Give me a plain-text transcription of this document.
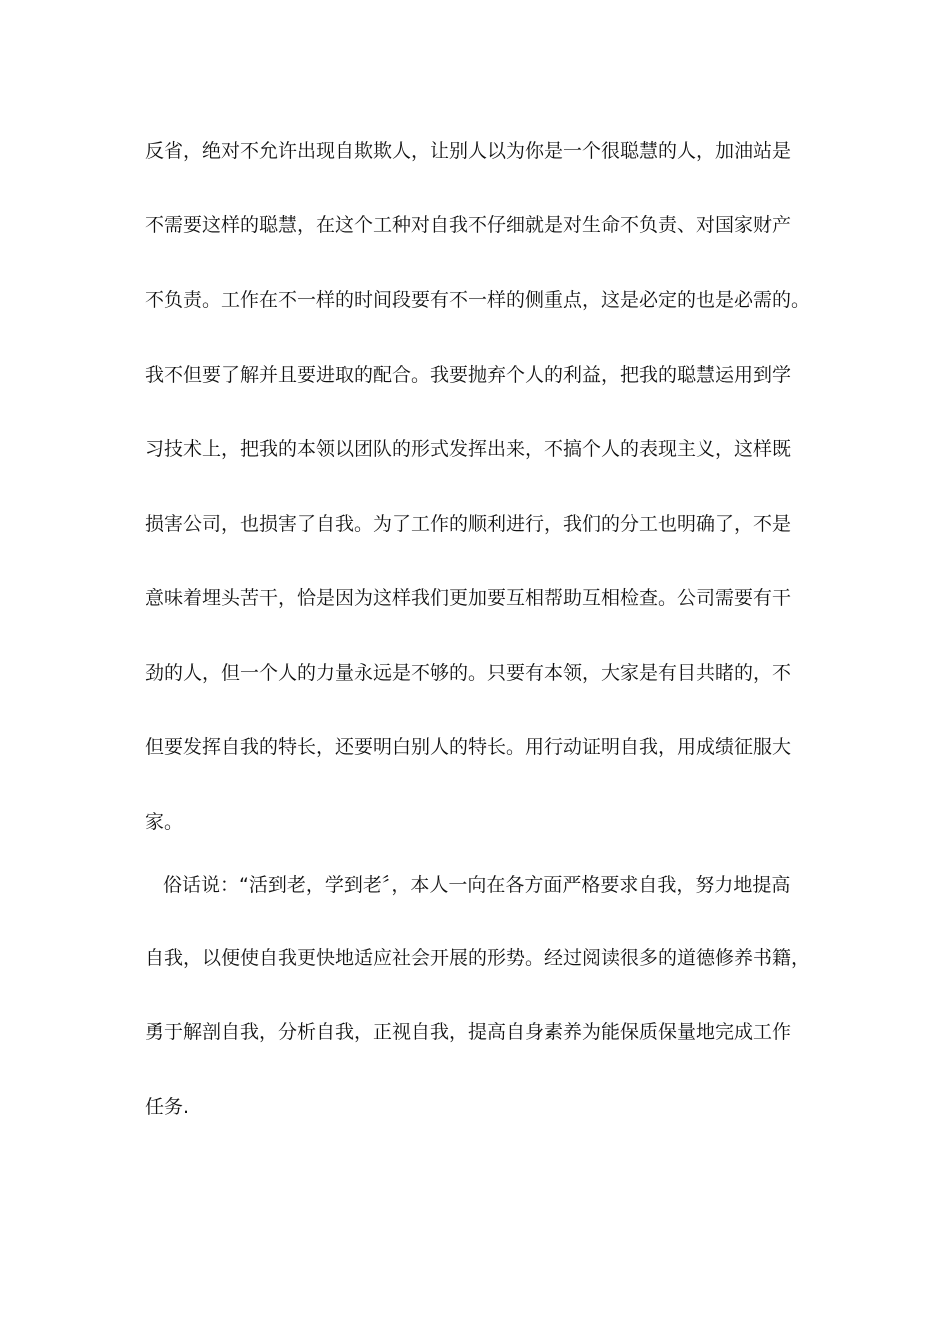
反省，绝对不允许出现自欺欺人，让别人以为你是一个很聪慧的人，加油站是
不需要这样的聪慧，在这个工种对自我不仔细就是对生命不负责、对国家财产
不负责。工作在不一样的时间段要有不一样的侧重点，这是必定的也是必需的。
我不但要了解并且要进取的配合。我要抛弃个人的利益，把我的聪慧运用到学
习技术上，把我的本领以团队的形式发挥出来，不搞个人的表现主义，这样既
损害公司，也损害了自我。为了工作的顺利进行，我们的分工也明确了，不是
意味着埋头苦干，恰是因为这样我们更加要互相帮助互相检查。公司需要有干
劲的人，但一个人的力量永远是不够的。只要有本领，大家是有目共睹的，不
但要发挥自我的特长，还要明白别人的特长。用行动证明自我，用成绩征服大
家。
俗话说：“活到老，学到老〞，本人一向在各方面严格要求自我，努力地提高
自我，以便使自我更快地适应社会开展的形势。经过阅读很多的道德修养书籍，
勇于解剖自我，分析自我，正视自我，提高自身素养为能保质保量地完成工作
任务.
